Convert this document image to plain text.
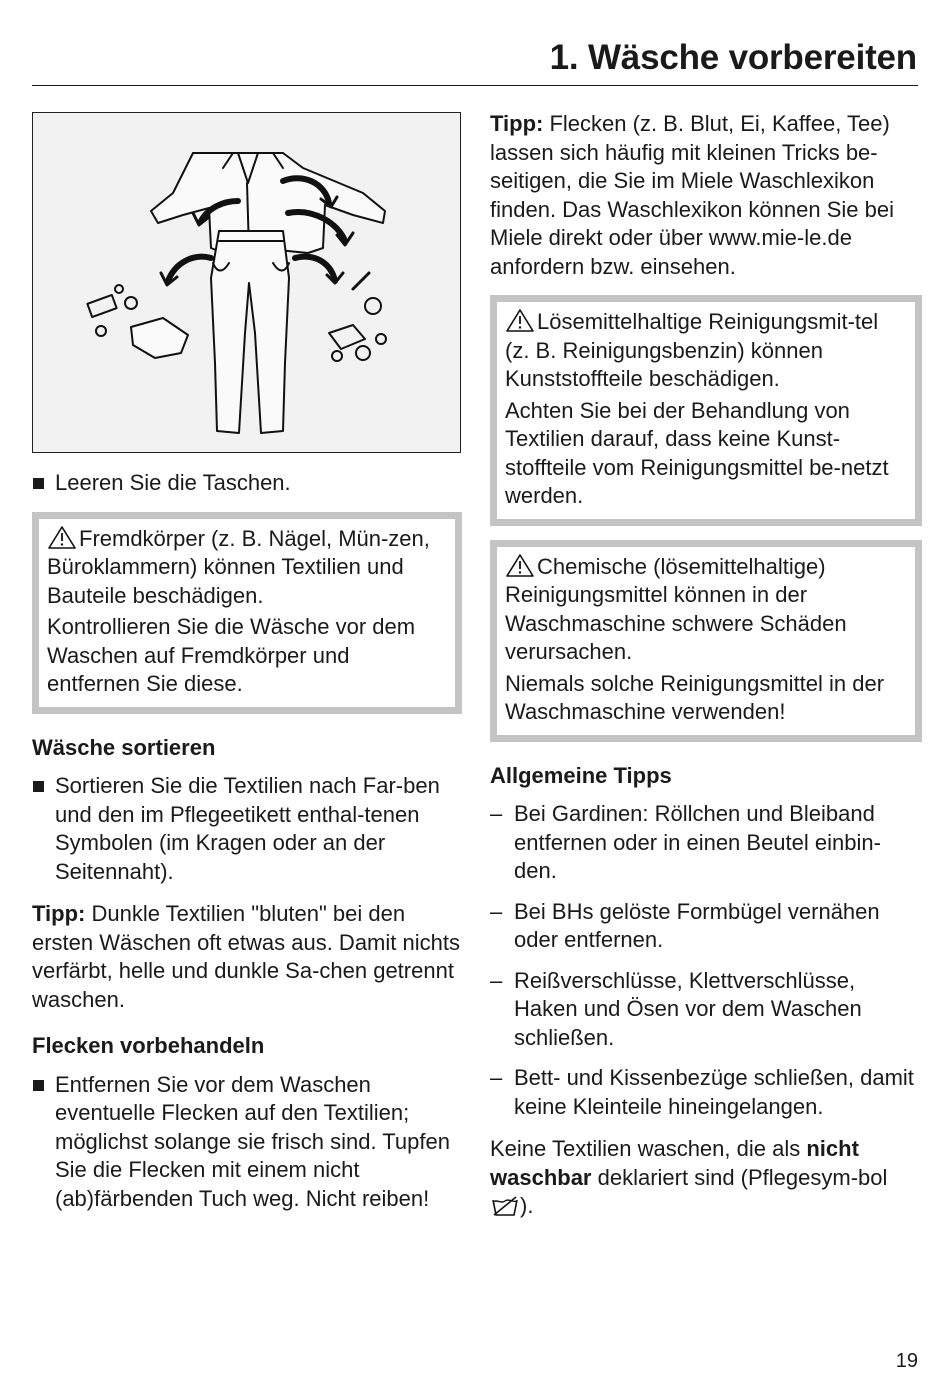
1. Wäsche vorbereiten
Leeren Sie die Taschen.

Fremdkörper (z. B. Nägel, Mün-zen, Büroklammern) können Textilien und Bauteile beschädigen.

Kontrollieren Sie die Wäsche vor dem Waschen auf Fremdkörper und entfernen Sie diese.

Wäsche sortieren

Sortieren Sie die Textilien nach Far-ben und den im Pflegeetikett enthal-tenen Symbolen (im Kragen oder an der Seitennaht).

Tipp: Dunkle Textilien "bluten" bei den ersten Wäschen oft etwas aus. Damit nichts verfärbt, helle und dunkle Sa-chen getrennt waschen.

Flecken vorbehandeln

Entfernen Sie vor dem Waschen eventuelle Flecken auf den Textilien; möglichst solange sie frisch sind. Tupfen Sie die Flecken mit einem nicht (ab)färbenden Tuch weg. Nicht reiben!

Tipp: Flecken (z. B. Blut, Ei, Kaffee, Tee) lassen sich häufig mit kleinen Tricks be-seitigen, die Sie im Miele Waschlexikon finden. Das Waschlexikon können Sie bei Miele direkt oder über www.mie-le.de anfordern bzw. einsehen.

Lösemittelhaltige Reinigungsmit-tel (z. B. Reinigungsbenzin) können Kunststoffteile beschädigen.

Achten Sie bei der Behandlung von Textilien darauf, dass keine Kunst-stoffteile vom Reinigungsmittel be-netzt werden.

Chemische (lösemittelhaltige) Reinigungsmittel können in der Waschmaschine schwere Schäden verursachen.

Niemals solche Reinigungsmittel in der Waschmaschine verwenden!

Allgemeine Tipps

– Bei Gardinen: Röllchen und Bleiband entfernen oder in einen Beutel einbin-den.
– Bei BHs gelöste Formbügel vernähen oder entfernen.
– Reißverschlüsse, Klettverschlüsse, Haken und Ösen vor dem Waschen schließen.
– Bett- und Kissenbezüge schließen, damit keine Kleinteile hineingelangen.

Keine Textilien waschen, die als nicht waschbar deklariert sind (Pflegesym-bol ).

19
